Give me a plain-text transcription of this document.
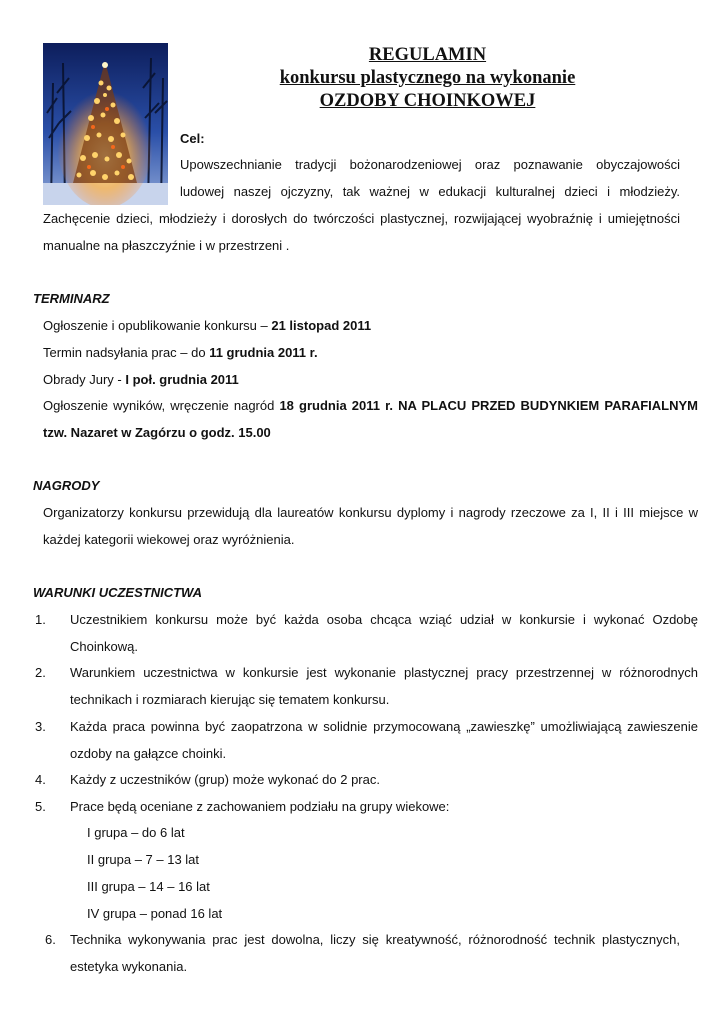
REGULAMIN
konkursu plastycznego na wykonanie
OZDOBY CHOINKOWEJ
Cel:
Upowszechnianie tradycji bożonarodzeniowej oraz poznawanie obyczajowości
ludowej naszej ojczyzny, tak ważnej w edukacji kulturalnej dzieci i młodzieży.
Zachęcenie dzieci, młodzieży i dorosłych do twórczości plastycznej, rozwijającej wyobraźnię i umiejętności
manualne na płaszczyźnie i w przestrzeni .
TERMINARZ
Ogłoszenie i opublikowanie konkursu – 21 listopad 2011
Termin nadsyłania prac – do 11 grudnia 2011 r.
Obrady Jury - I poł. grudnia 2011
Ogłoszenie wyników, wręczenie nagród 18 grudnia 2011 r. NA PLACU PRZED BUDYNKIEM PARAFIALNYM
tzw. Nazaret w Zagórzu o godz. 15.00
NAGRODY
Organizatorzy konkursu przewidują dla laureatów konkursu dyplomy i nagrody rzeczowe za I, II i III miejsce w
każdej kategorii wiekowej oraz wyróżnienia.
WARUNKI UCZESTNICTWA
1. Uczestnikiem konkursu może być każda osoba chcąca wziąć udział w konkursie i wykonać Ozdobę
Choinkową.
2. Warunkiem uczestnictwa w konkursie jest wykonanie plastycznej pracy przestrzennej w różnorodnych
technikach i rozmiarach kierując się tematem konkursu.
3. Każda praca powinna być zaopatrzona w solidnie przymocowaną „zawieszkę” umożliwiającą zawieszenie
ozdoby na gałązce choinki.
4. Każdy z uczestników (grup) może wykonać do 2 prac.
5. Prace będą oceniane z zachowaniem podziału na grupy wiekowe:
I grupa – do 6 lat
II grupa – 7 – 13 lat
III grupa – 14 – 16 lat
IV grupa – ponad 16 lat
6. Technika wykonywania prac jest dowolna, liczy się kreatywność, różnorodność technik plastycznych,
estetyka wykonania.
